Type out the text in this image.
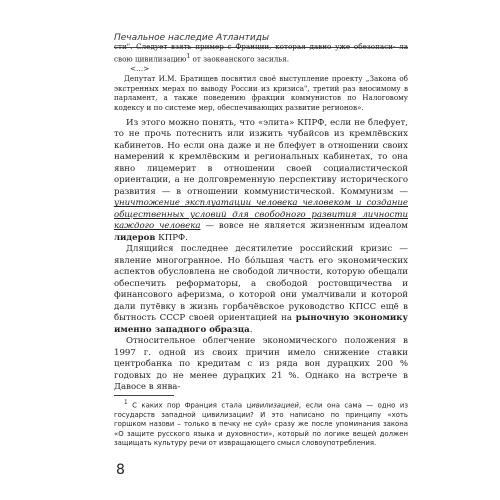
Печальное наследие Атлантиды

сти". Следует взять пример с Франции, которая давно уже обезопаси- ла свою цивилизацию$^1$ от заокеанского засилья.

<…>

Депутат И.М. Братищев посвятил своё выступление проекту „Закона об экстренных мерах по выводу России из кризиса", третий раз вносимому в парламент, а также поведению фракции коммунистов по Налоговому кодексу и по системе мер, обеспечивающих развитие регионов».

Из этого можно понять, что «элита» КПРФ, если не блефует, то не прочь потеснить или изжить чубайсов из кремлёвских кабинетов. Но если она даже и не блефует в отношении своих намерений к кремлёвским и региональных кабинетах, то она явно лицемерит в отношении своей социалистической ориентации, а не долговременную перспективу исторического развития — в отношении коммунистической. Коммунизм — уничтожение эксплуатации человека человеком и создание общественных условий для свободного развития личности каждого человека — вовсе не является жизненным идеалом лидеров КПРФ.

Длящийся последнее десятилетие российский кризис — явление многогранное. Но бóльшая часть его экономических аспектов обусловлена не свободой личности, которую обещали обеспечить реформаторы, а свободой ростовщичества и финансового аферизма, о которой они умалчивали и которой дали путёвку в жизнь горбачёвское руководство КПСС ещё в бытность СССР своей ориентацией на рыночную экономику именно западного образца.

Относительное облегчение экономического положения в 1997 г. одной из своих причин имело снижение ставки центробанка по кредитам с из ряда вон дурацких 200 % годовых до не менее дурацких 21 %. Однако на встрече в Давосе в янва-

$^1$ С каких пор Франция стала цивилизацией, если она сама — одно из государств западной цивилизации? И это написано по принципу «хоть горшком назови – только в печку не суй» сразу же после упоминания закона «О защите русского языка и духовности», который по логике вещей должен защищать культуру речи от извращающего смысл словоупотребления.

8
